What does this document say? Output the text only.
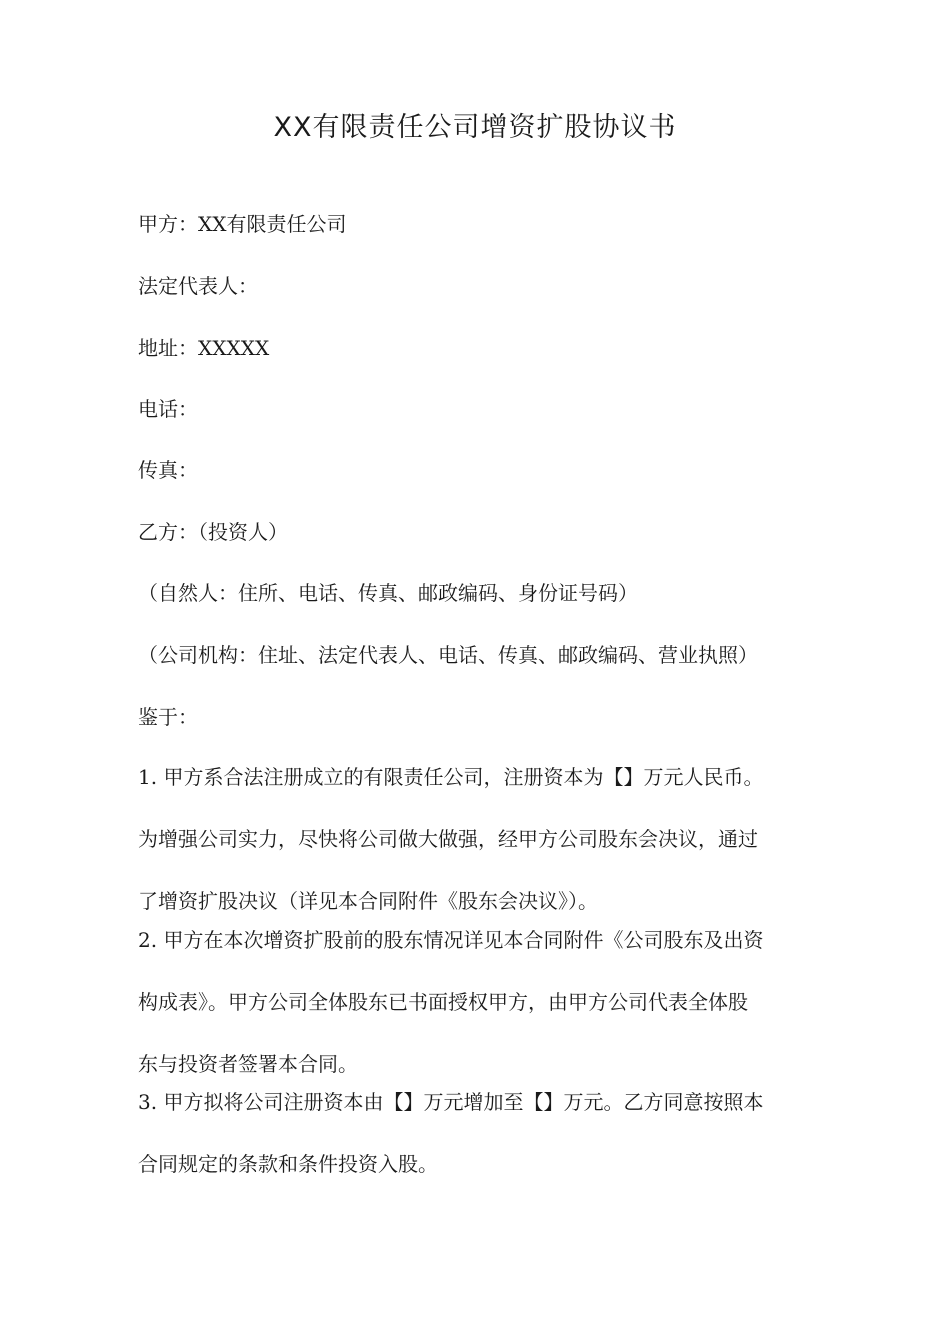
XX有限责任公司增资扩股协议书

甲方：XX有限责任公司

法定代表人：

地址：XXXXX

电话：

传真：

乙方：（投资人）

（自然人：住所、电话、传真、邮政编码、身份证号码）

（公司机构：住址、法定代表人、电话、传真、邮政编码、营业执照）

鉴于：

1. 甲方系合法注册成立的有限责任公司，注册资本为【】万元人民币。
为增强公司实力，尽快将公司做大做强，经甲方公司股东会决议，通过
了增资扩股决议（详见本合同附件《股东会决议》）。
2. 甲方在本次增资扩股前的股东情况详见本合同附件《公司股东及出资
构成表》。甲方公司全体股东已书面授权甲方，由甲方公司代表全体股
东与投资者签署本合同。
3. 甲方拟将公司注册资本由【】万元增加至【】万元。乙方同意按照本
合同规定的条款和条件投资入股。
